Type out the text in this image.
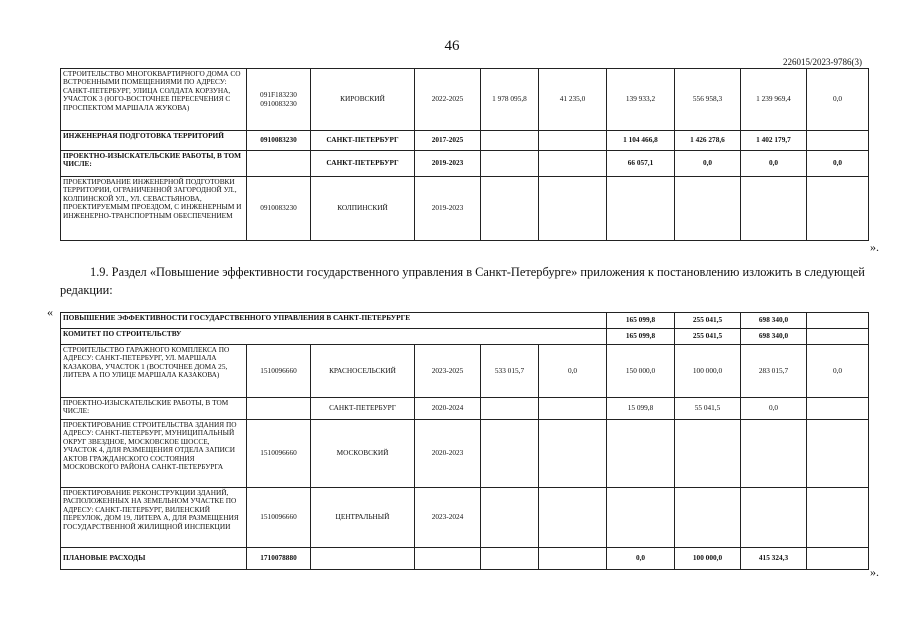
46
226015/2023-9786(3)
СТРОИТЕЛЬСТВО МНОГОКВАРТИРНОГО ДОМА СО ВСТРОЕННЫМИ ПОМЕЩЕНИЯМИ ПО АДРЕСУ: САНКТ-ПЕТЕРБУРГ, УЛИЦА СОЛДАТА КОРЗУНА, УЧАСТОК 3 (ЮГО-ВОСТОЧНЕЕ ПЕРЕСЕЧЕНИЯ С ПРОСПЕКТОМ МАРШАЛА ЖУКОВА)	091F183230 0910083230	КИРОВСКИЙ	2022-2025	1 978 095,8	41 235,0	139 933,2	556 958,3	1 239 969,4	0,0
ИНЖЕНЕРНАЯ ПОДГОТОВКА ТЕРРИТОРИЙ	0910083230	САНКТ-ПЕТЕРБУРГ	2017-2025			1 104 466,8	1 426 278,6	1 402 179,7	
ПРОЕКТНО-ИЗЫСКАТЕЛЬСКИЕ РАБОТЫ, В ТОМ ЧИСЛЕ:		САНКТ-ПЕТЕРБУРГ	2019-2023			66 057,1	0,0	0,0	0,0
ПРОЕКТИРОВАНИЕ ИНЖЕНЕРНОЙ ПОДГОТОВКИ ТЕРРИТОРИИ, ОГРАНИЧЕННОЙ ЗАГОРОДНОЙ УЛ., КОЛПИНСКОЙ УЛ., УЛ. СЕВАСТЬЯНОВА, ПРОЕКТИРУЕМЫМ ПРОЕЗДОМ, С ИНЖЕНЕРНЫМ И ИНЖЕНЕРНО-ТРАНСПОРТНЫМ ОБЕСПЕЧЕНИЕМ	0910083230	КОЛПИНСКИЙ	2019-2023						
».
1.9. Раздел «Повышение эффективности государственного управления в Санкт-Петербурге» приложения к постановлению изложить в следующей редакции:
« ПОВЫШЕНИЕ ЭФФЕКТИВНОСТИ ГОСУДАРСТВЕННОГО УПРАВЛЕНИЯ В САНКТ-ПЕТЕРБУРГЕ						165 099,8	255 041,5	698 340,0	
КОМИТЕТ ПО СТРОИТЕЛЬСТВУ						165 099,8	255 041,5	698 340,0	
СТРОИТЕЛЬСТВО ГАРАЖНОГО КОМПЛЕКСА ПО АДРЕСУ: САНКТ-ПЕТЕРБУРГ, УЛ. МАРШАЛА КАЗАКОВА, УЧАСТОК 1 (ВОСТОЧНЕЕ ДОМА 25, ЛИТЕРА А ПО УЛИЦЕ МАРШАЛА КАЗАКОВА)	1510096660	КРАСНОСЕЛЬСКИЙ	2023-2025	533 015,7	0,0	150 000,0	100 000,0	283 015,7	0,0
ПРОЕКТНО-ИЗЫСКАТЕЛЬСКИЕ РАБОТЫ, В ТОМ ЧИСЛЕ:		САНКТ-ПЕТЕРБУРГ	2020-2024			15 099,8	55 041,5	0,0	
ПРОЕКТИРОВАНИЕ СТРОИТЕЛЬСТВА ЗДАНИЯ ПО АДРЕСУ: САНКТ-ПЕТЕРБУРГ, МУНИЦИПАЛЬНЫЙ ОКРУГ ЗВЕЗДНОЕ, МОСКОВСКОЕ ШОССЕ, УЧАСТОК 4, ДЛЯ РАЗМЕЩЕНИЯ ОТДЕЛА ЗАПИСИ АКТОВ ГРАЖДАНСКОГО СОСТОЯНИЯ МОСКОВСКОГО РАЙОНА САНКТ-ПЕТЕРБУРГА	1510096660	МОСКОВСКИЙ	2020-2023						
ПРОЕКТИРОВАНИЕ РЕКОНСТРУКЦИИ ЗДАНИЙ, РАСПОЛОЖЕННЫХ НА ЗЕМЕЛЬНОМ УЧАСТКЕ ПО АДРЕСУ: САНКТ-ПЕТЕРБУРГ, ВИЛЕНСКИЙ ПЕРЕУЛОК, ДОМ 19, ЛИТЕРА А, ДЛЯ РАЗМЕЩЕНИЯ ГОСУДАРСТВЕННОЙ ЖИЛИЩНОЙ ИНСПЕКЦИИ	1510096660	ЦЕНТРАЛЬНЫЙ	2023-2024						
ПЛАНОВЫЕ РАСХОДЫ	1710078880					0,0	100 000,0	415 324,3	
».
